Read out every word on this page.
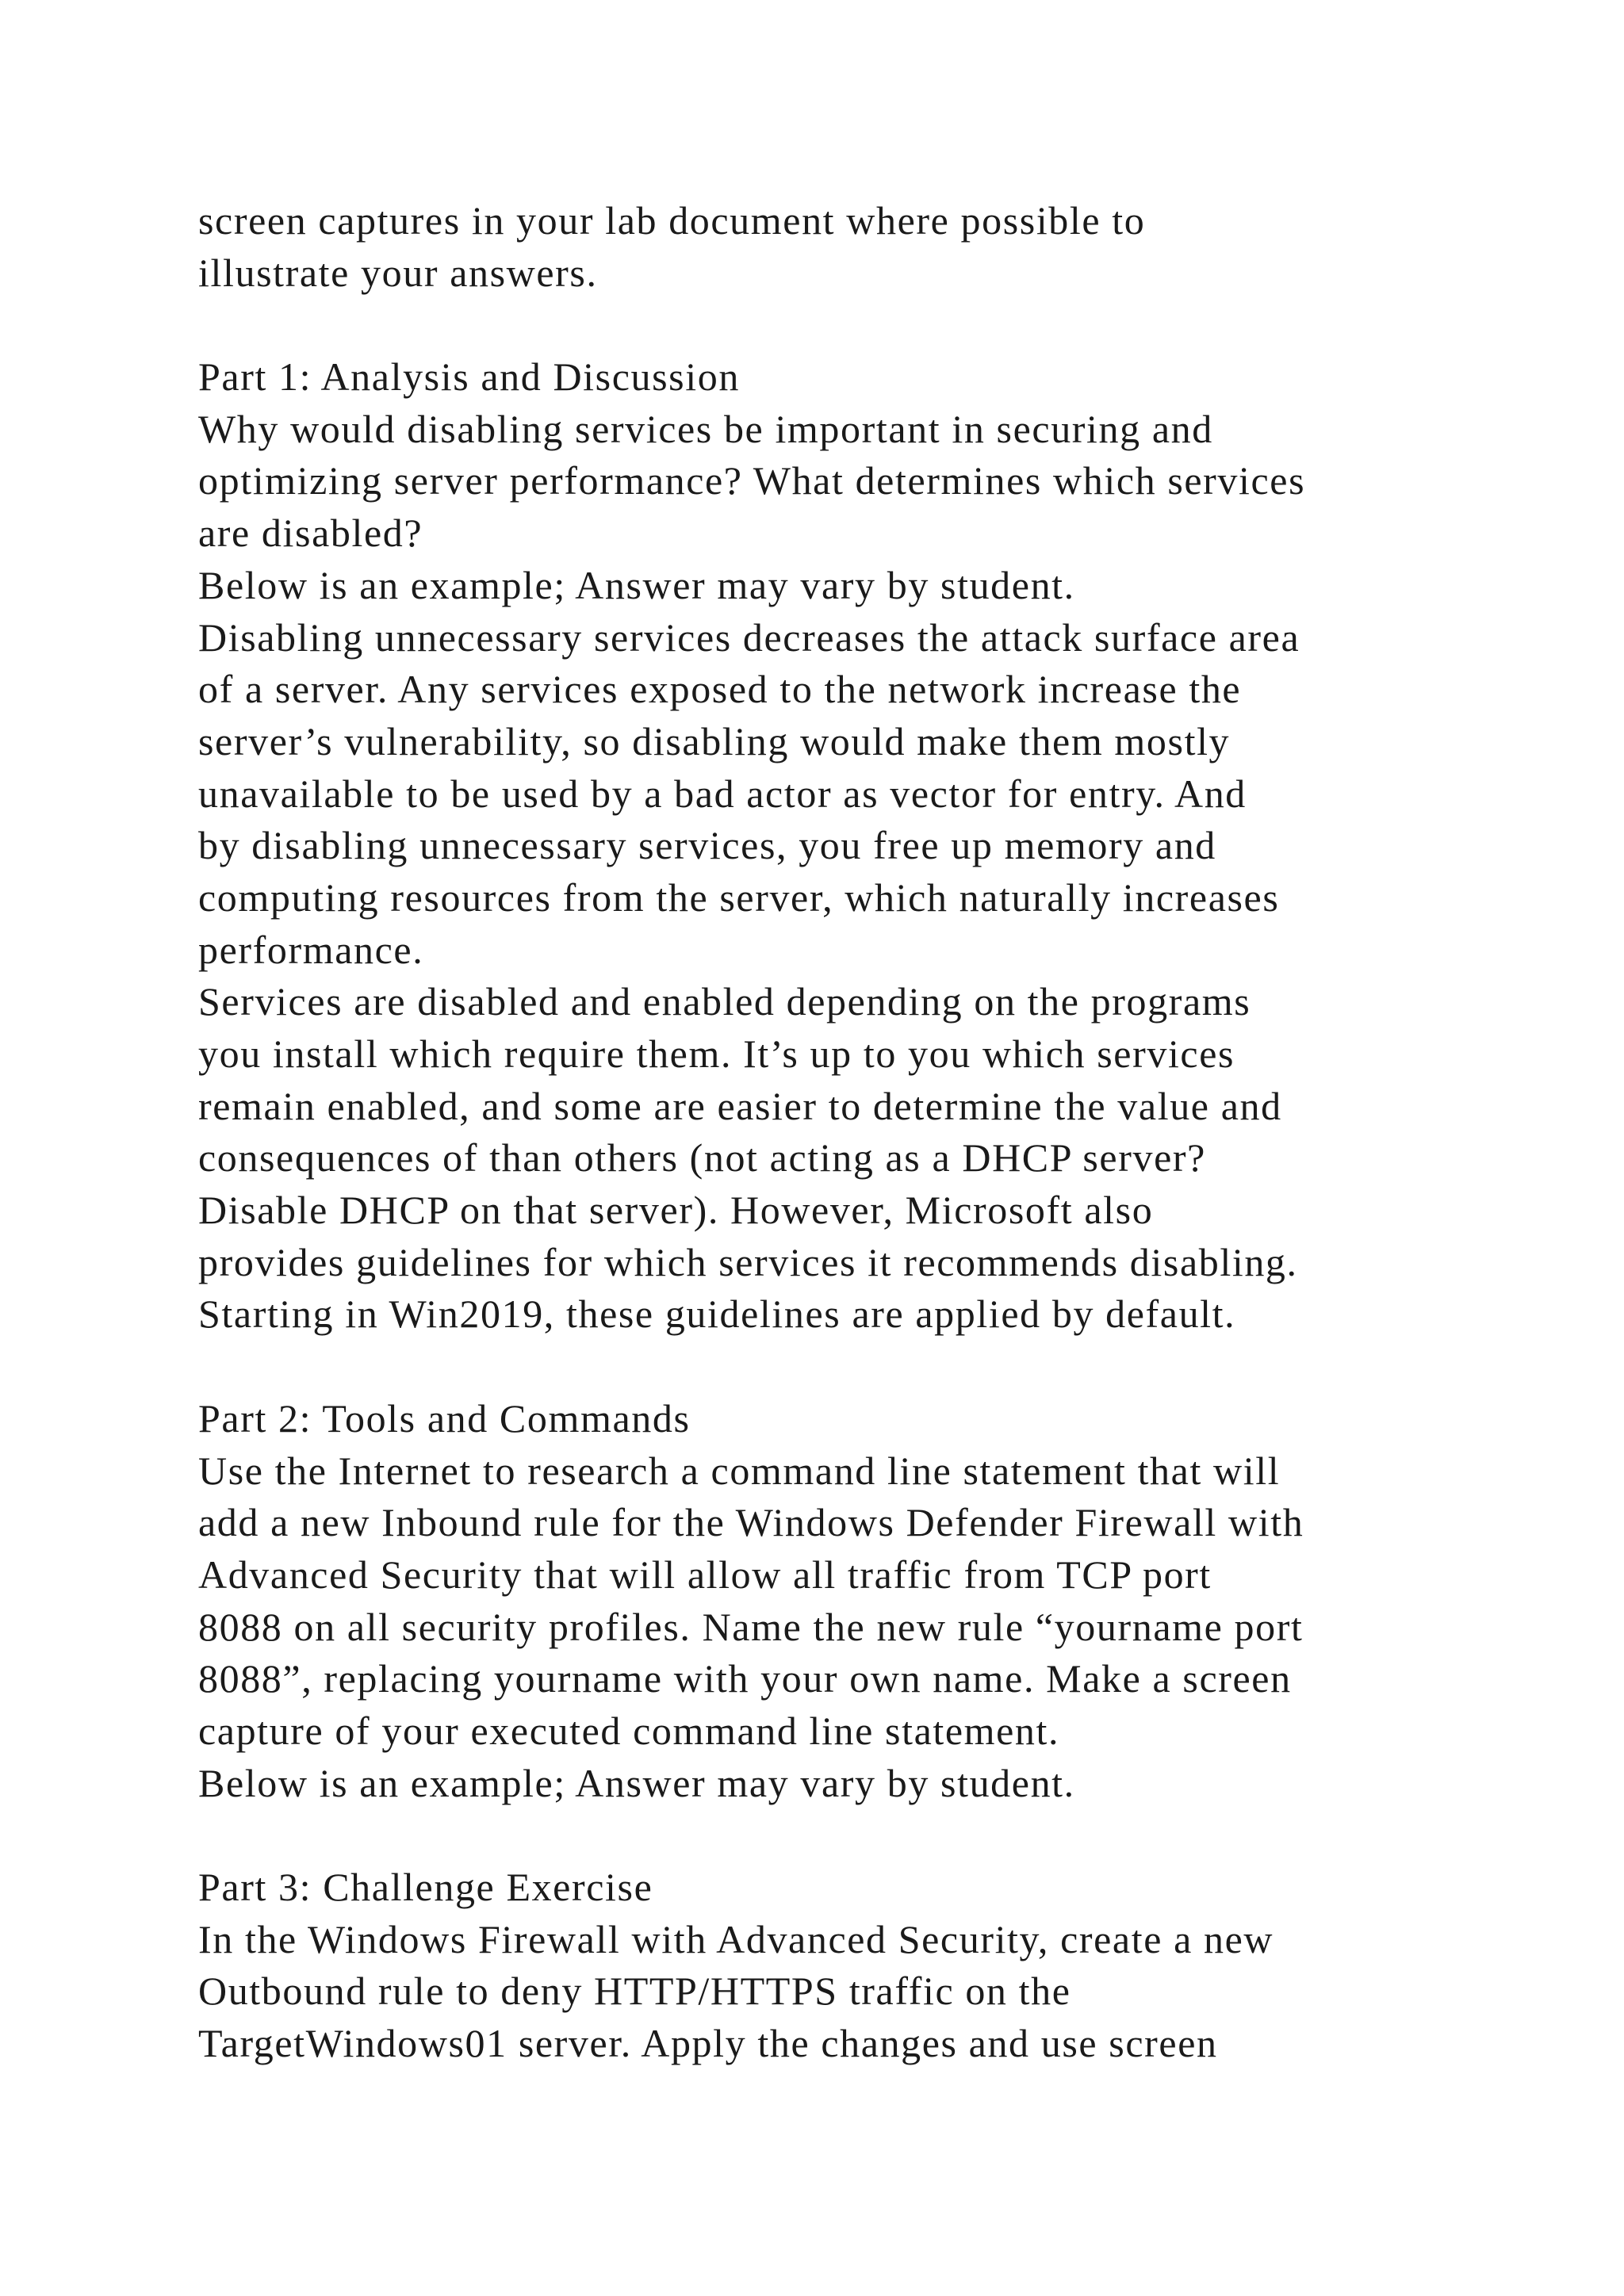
screen captures in your lab document where possible to
illustrate your answers.
Part 1: Analysis and Discussion
Why would disabling services be important in securing and
optimizing server performance? What determines which services
are disabled?
Below is an example; Answer may vary by student.
Disabling unnecessary services decreases the attack surface area
of a server. Any services exposed to the network increase the
server’s vulnerability, so disabling would make them mostly
unavailable to be used by a bad actor as vector for entry. And
by disabling unnecessary services, you free up memory and
computing resources from the server, which naturally increases
performance.
Services are disabled and enabled depending on the programs
you install which require them. It’s up to you which services
remain enabled, and some are easier to determine the value and
consequences of than others (not acting as a DHCP server?
Disable DHCP on that server). However, Microsoft also
provides guidelines for which services it recommends disabling.
Starting in Win2019, these guidelines are applied by default.
Part 2: Tools and Commands
Use the Internet to research a command line statement that will
add a new Inbound rule for the Windows Defender Firewall with
Advanced Security that will allow all traffic from TCP port
8088 on all security profiles. Name the new rule “yourname port
8088”, replacing yourname with your own name. Make a screen
capture of your executed command line statement.
Below is an example; Answer may vary by student.
Part 3: Challenge Exercise
In the Windows Firewall with Advanced Security, create a new
Outbound rule to deny HTTP/HTTPS traffic on the
TargetWindows01 server. Apply the changes and use screen
